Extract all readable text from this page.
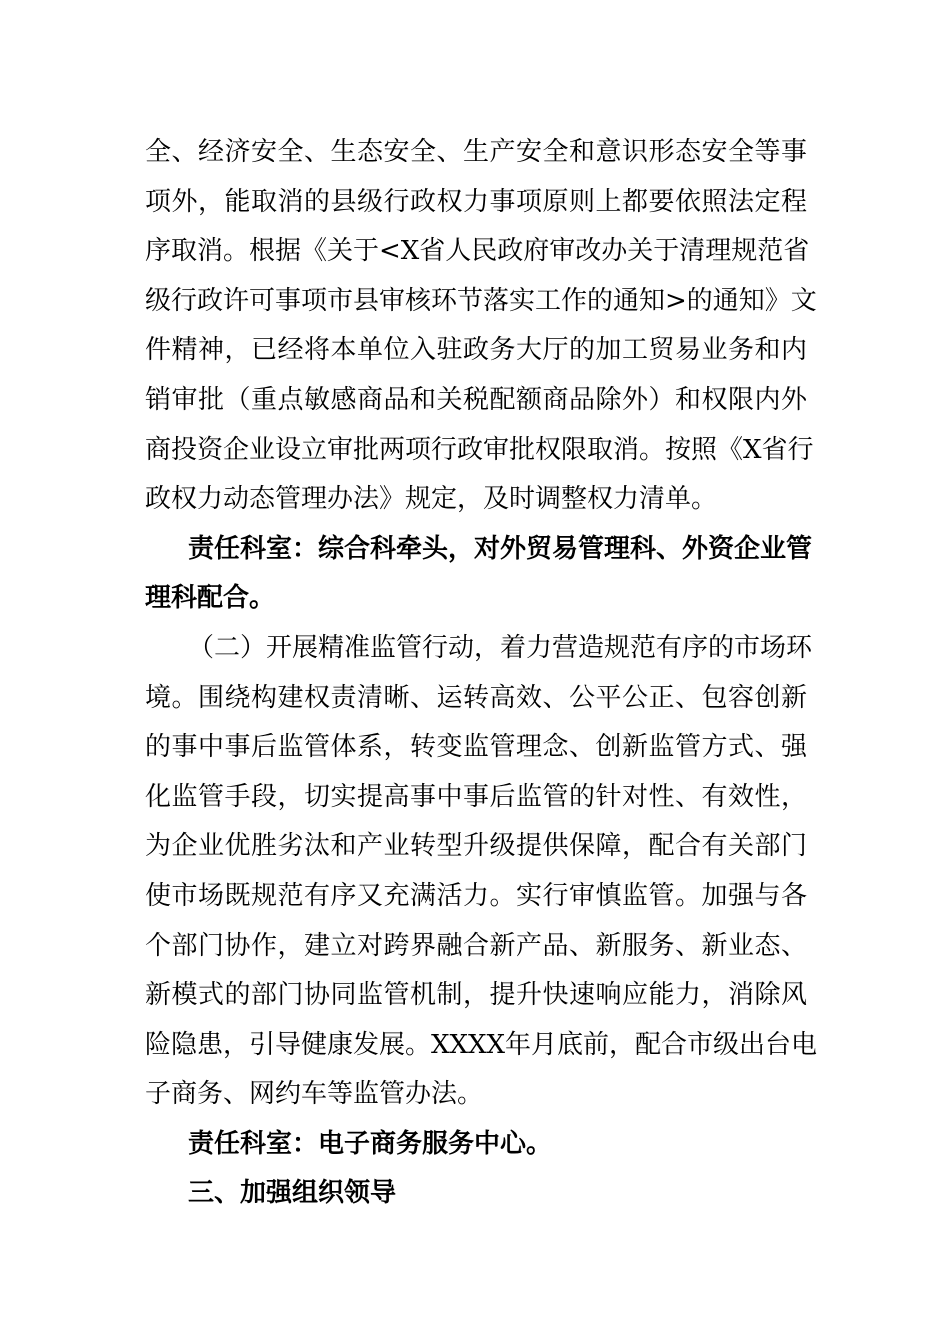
全、经济安全、生态安全、生产安全和意识形态安全等事
项外，能取消的县级行政权力事项原则上都要依照法定程
序取消。根据《关于<X省人民政府审改办关于清理规范省
级行政许可事项市县审核环节落实工作的通知>的通知》文
件精神，已经将本单位入驻政务大厅的加工贸易业务和内
销审批（重点敏感商品和关税配额商品除外）和权限内外
商投资企业设立审批两项行政审批权限取消。按照《X省行
政权力动态管理办法》规定，及时调整权力清单。
责任科室：综合科牵头，对外贸易管理科、外资企业管
理科配合。
（二）开展精准监管行动，着力营造规范有序的市场环
境。围绕构建权责清晰、运转高效、公平公正、包容创新
的事中事后监管体系，转变监管理念、创新监管方式、强
化监管手段，切实提高事中事后监管的针对性、有效性，
为企业优胜劣汰和产业转型升级提供保障，配合有关部门
使市场既规范有序又充满活力。实行审慎监管。加强与各
个部门协作，建立对跨界融合新产品、新服务、新业态、
新模式的部门协同监管机制，提升快速响应能力，消除风
险隐患，引导健康发展。XXXX年月底前，配合市级出台电
子商务、网约车等监管办法。
责任科室：电子商务服务中心。
三、加强组织领导
